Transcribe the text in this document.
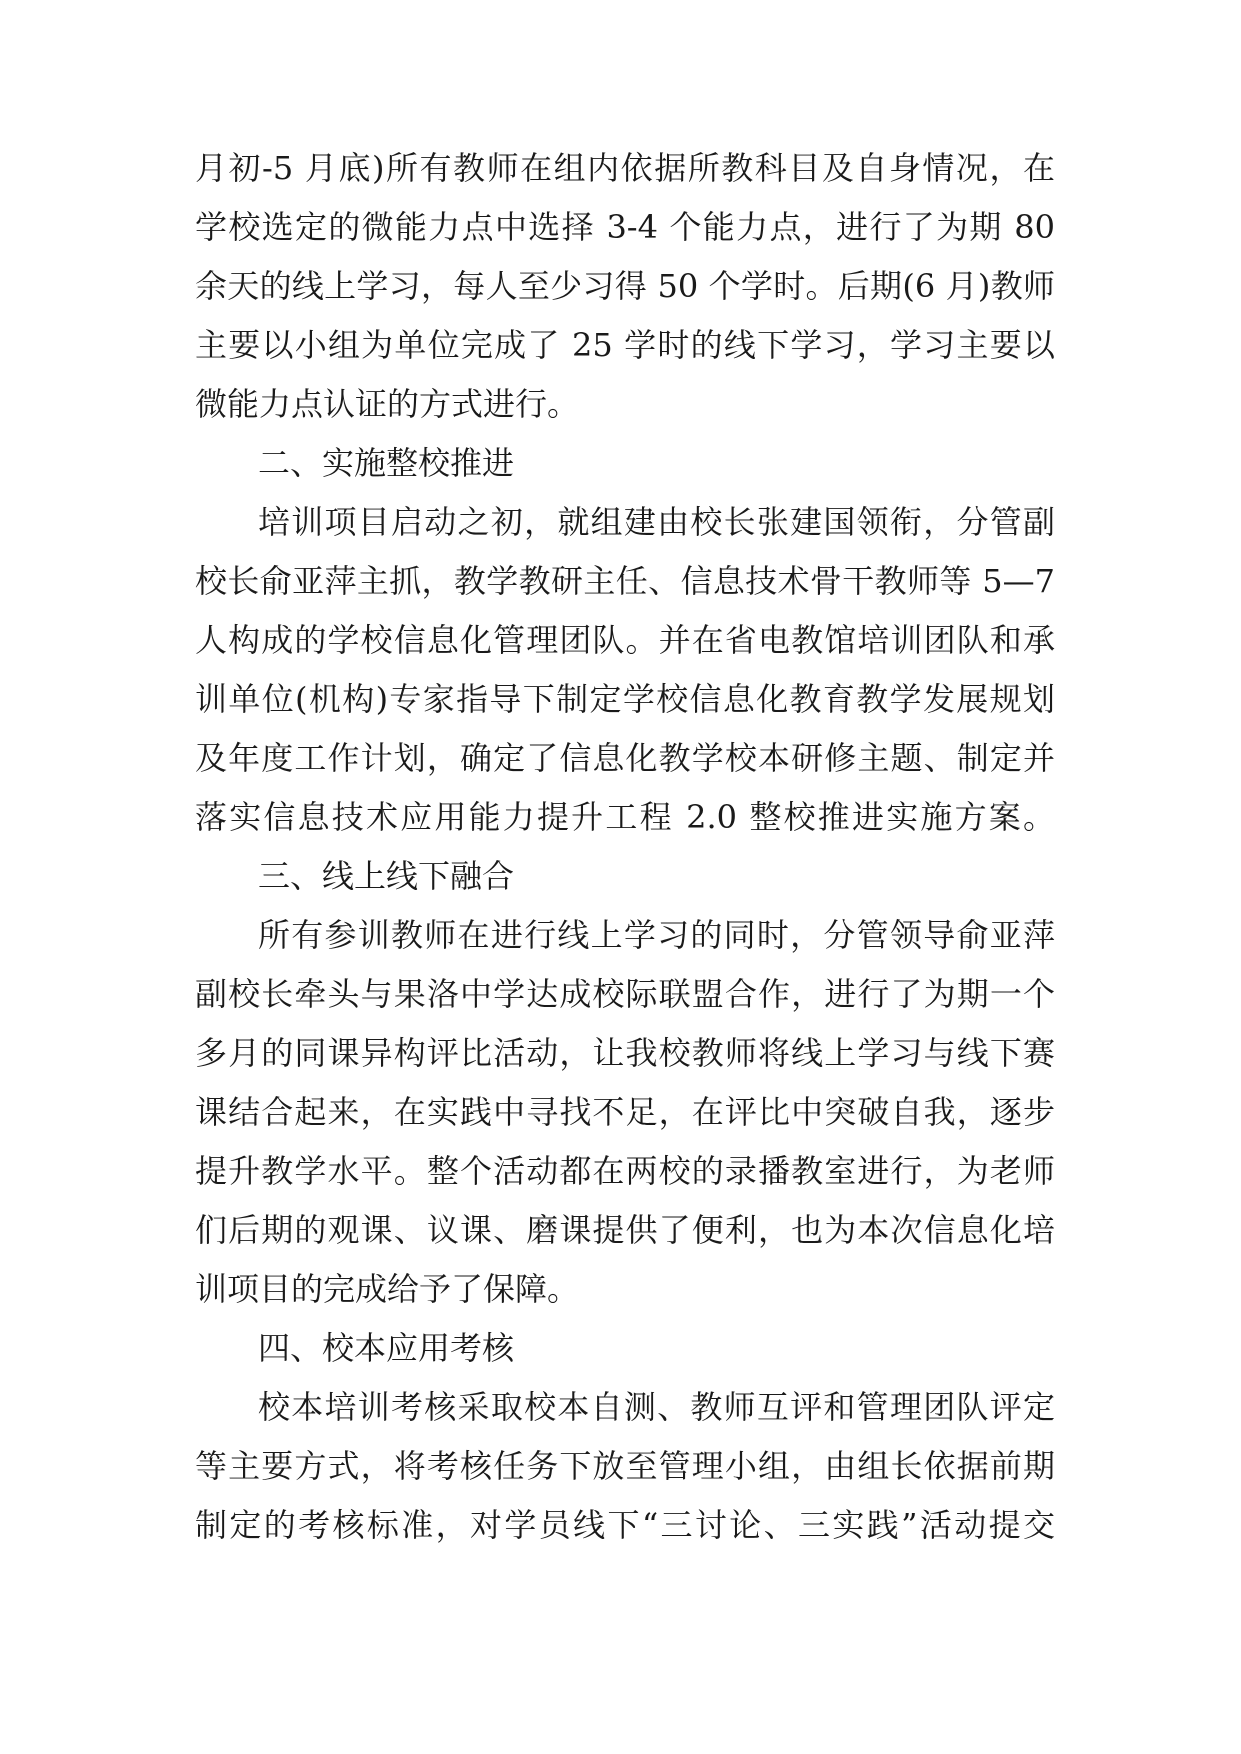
月初-5 月底)所有教师在组内依据所教科目及自身情况，在
学校选定的微能力点中选择 3-4 个能力点，进行了为期 80
余天的线上学习，每人至少习得 50 个学时。后期(6 月)教师
主要以小组为单位完成了 25 学时的线下学习，学习主要以
微能力点认证的方式进行。
二、实施整校推进
培训项目启动之初，就组建由校长张建国领衔，分管副
校长俞亚萍主抓，教学教研主任、信息技术骨干教师等 5—7
人构成的学校信息化管理团队。并在省电教馆培训团队和承
训单位(机构)专家指导下制定学校信息化教育教学发展规划
及年度工作计划，确定了信息化教学校本研修主题、制定并
落实信息技术应用能力提升工程 2.0 整校推进实施方案。
三、线上线下融合
所有参训教师在进行线上学习的同时，分管领导俞亚萍
副校长牵头与果洛中学达成校际联盟合作，进行了为期一个
多月的同课异构评比活动，让我校教师将线上学习与线下赛
课结合起来，在实践中寻找不足，在评比中突破自我，逐步
提升教学水平。整个活动都在两校的录播教室进行，为老师
们后期的观课、议课、磨课提供了便利，也为本次信息化培
训项目的完成给予了保障。
四、校本应用考核
校本培训考核采取校本自测、教师互评和管理团队评定
等主要方式，将考核任务下放至管理小组，由组长依据前期
制定的考核标准，对学员线下“三讨论、三实践”活动提交
